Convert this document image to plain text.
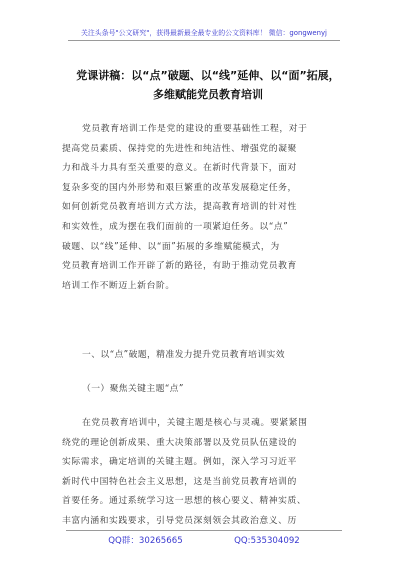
关注头条号"公文研究"，获得最新最全最专业的公文资料库！ 微信：gongwenyj
党课讲稿：以“点”破题、以“线”延伸、以“面”拓展，
多维赋能党员教育培训
党员教育培训工作是党的建设的重要基础性工程，对于
提高党员素质、保持党的先进性和纯洁性、增强党的凝聚
力和战斗力具有至关重要的意义。在新时代背景下，面对
复杂多变的国内外形势和艰巨繁重的改革发展稳定任务，
如何创新党员教育培训方式方法，提高教育培训的针对性
和实效性，成为摆在我们面前的一项紧迫任务。以“点”
破题、以“线”延伸、以“面”拓展的多维赋能模式，为
党员教育培训工作开辟了新的路径，有助于推动党员教育
培训工作不断迈上新台阶。
一、以“点”破题，精准发力提升党员教育培训实效
（一）聚焦关键主题“点”
在党员教育培训中，关键主题是核心与灵魂。要紧紧围
绕党的理论创新成果、重大决策部署以及党员队伍建设的
实际需求，确定培训的关键主题。例如，深入学习习近平
新时代中国特色社会主义思想，这是当前党员教育培训的
首要任务。通过系统学习这一思想的核心要义、精神实质、
丰富内涵和实践要求，引导党员深刻领会其政治意义、历
QQ群：30265665	QQ:535304092
